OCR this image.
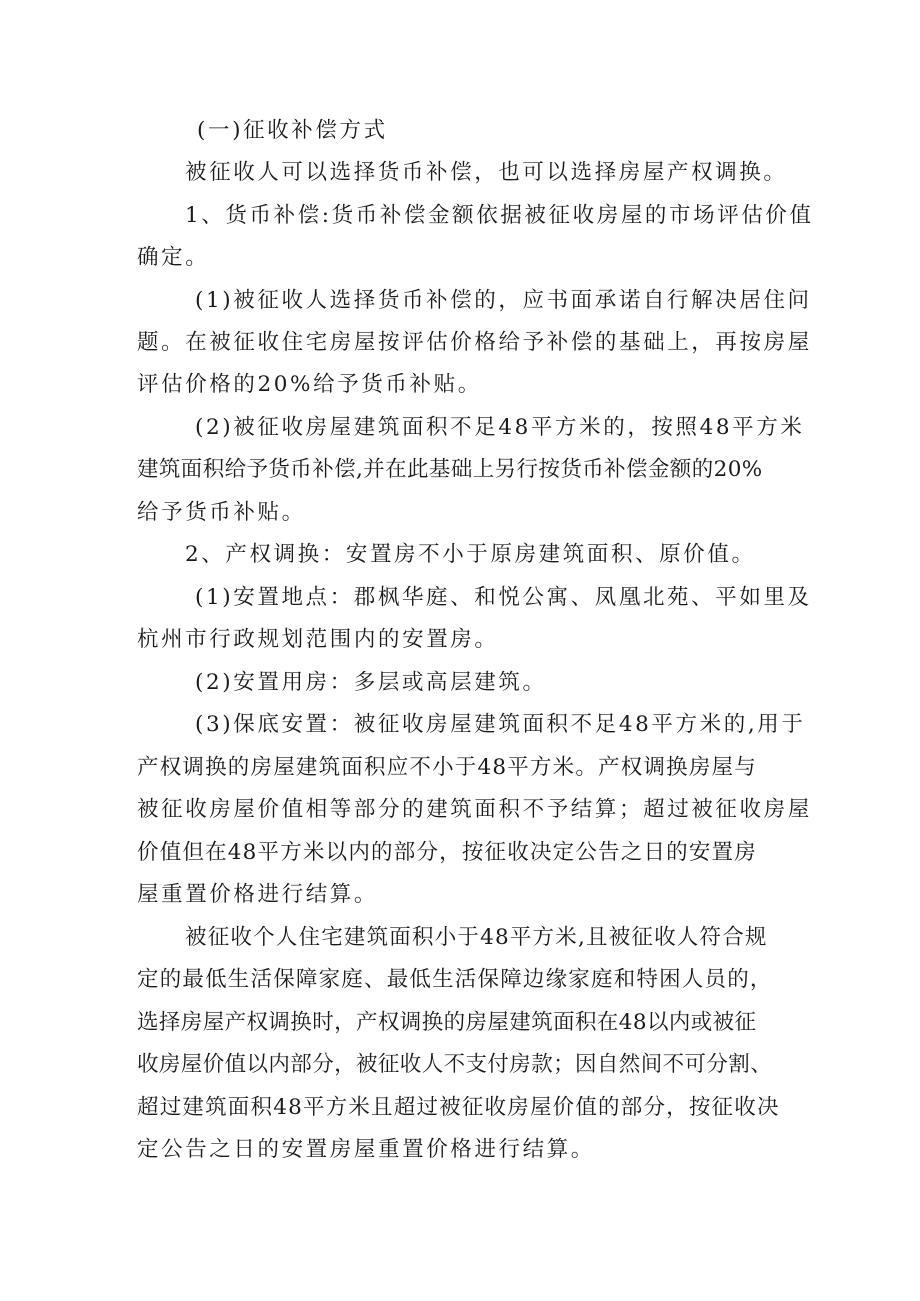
(一)征收补偿方式
被征收人可以选择货币补偿，也可以选择房屋产权调换。
1、货币补偿:货币补偿金额依据被征收房屋的市场评估价值
确定。
(1)被征收人选择货币补偿的，应书面承诺自行解决居住问
题。在被征收住宅房屋按评估价格给予补偿的基础上，再按房屋
评估价格的20%给予货币补贴。
(2)被征收房屋建筑面积不足48平方米的，按照48平方米
建筑面积给予货币补偿,并在此基础上另行按货币补偿金额的20%
给予货币补贴。
2、产权调换：安置房不小于原房建筑面积、原价值。
(1)安置地点：郡枫华庭、和悦公寓、凤凰北苑、平如里及
杭州市行政规划范围内的安置房。
(2)安置用房：多层或高层建筑。
(3)保底安置：被征收房屋建筑面积不足48平方米的,用于
产权调换的房屋建筑面积应不小于48平方米。产权调换房屋与
被征收房屋价值相等部分的建筑面积不予结算；超过被征收房屋
价值但在48平方米以内的部分，按征收决定公告之日的安置房
屋重置价格进行结算。
被征收个人住宅建筑面积小于48平方米,且被征收人符合规
定的最低生活保障家庭、最低生活保障边缘家庭和特困人员的，
选择房屋产权调换时，产权调换的房屋建筑面积在48以内或被征
收房屋价值以内部分，被征收人不支付房款；因自然间不可分割、
超过建筑面积48平方米且超过被征收房屋价值的部分，按征收决
定公告之日的安置房屋重置价格进行结算。
